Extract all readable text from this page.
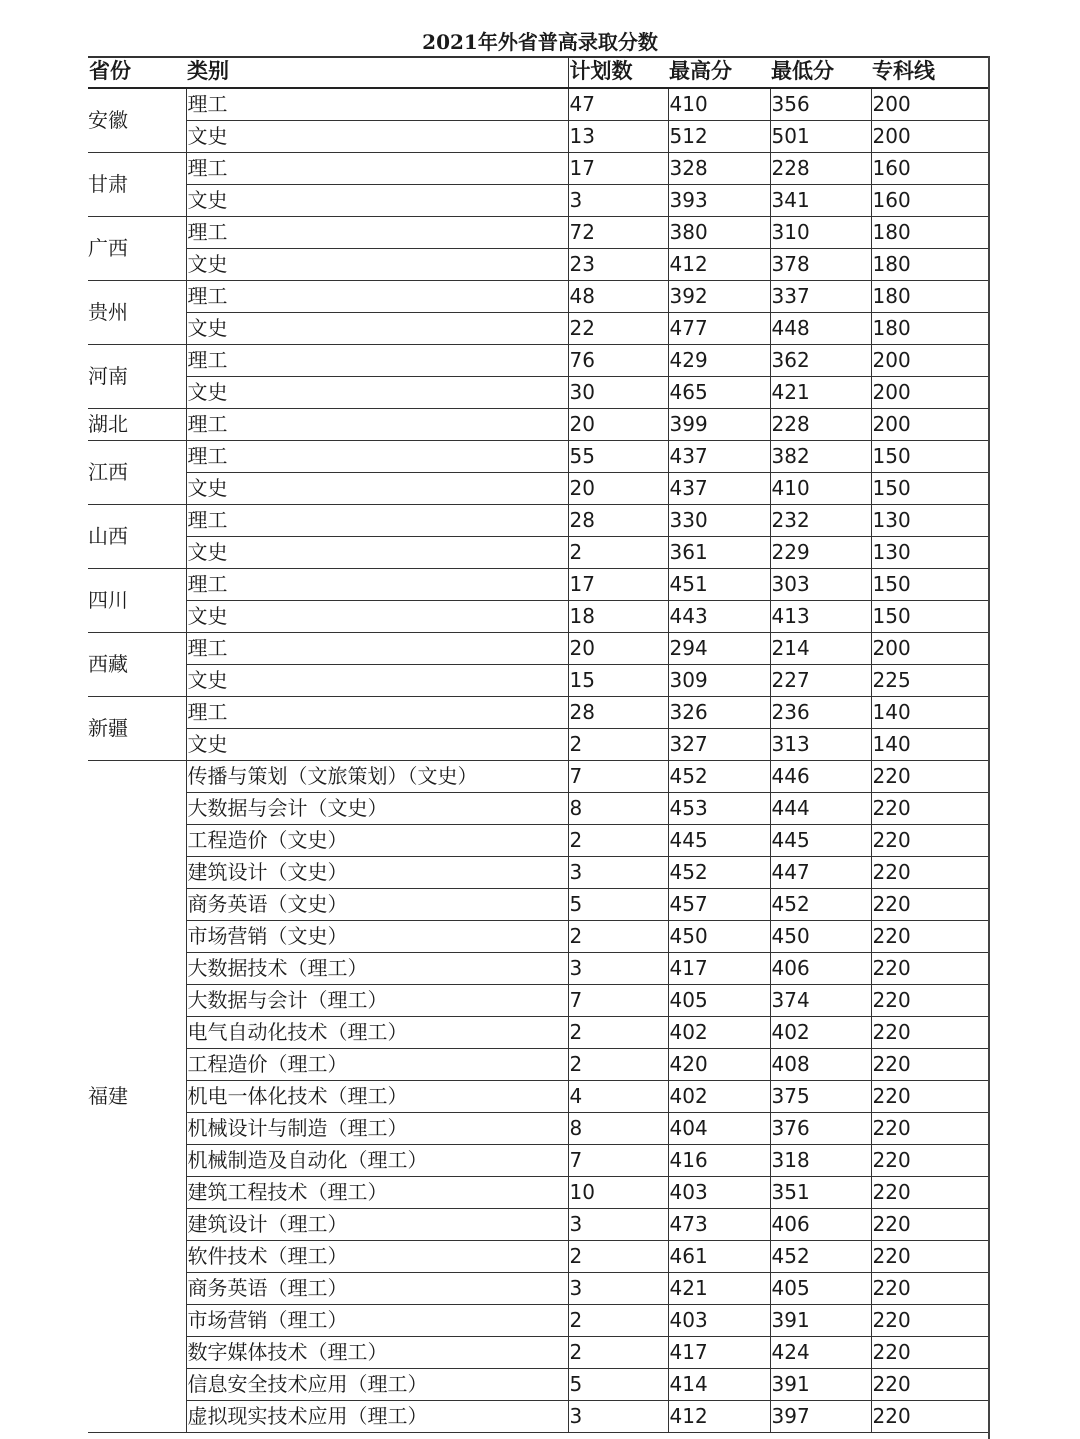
2021年外省普高录取分数
省份	类别	计划数	最高分	最低分	专科线
安徽	理工	47	410	356	200
	文史	13	512	501	200
甘肃	理工	17	328	228	160
	文史	3	393	341	160
广西	理工	72	380	310	180
	文史	23	412	378	180
贵州	理工	48	392	337	180
	文史	22	477	448	180
河南	理工	76	429	362	200
	文史	30	465	421	200
湖北	理工	20	399	228	200
江西	理工	55	437	382	150
	文史	20	437	410	150
山西	理工	28	330	232	130
	文史	2	361	229	130
四川	理工	17	451	303	150
	文史	18	443	413	150
西藏	理工	20	294	214	200
	文史	15	309	227	225
新疆	理工	28	326	236	140
	文史	2	327	313	140
福建	传播与策划（文旅策划）（文史）	7	452	446	220
	大数据与会计（文史）	8	453	444	220
	工程造价（文史）	2	445	445	220
	建筑设计（文史）	3	452	447	220
	商务英语（文史）	5	457	452	220
	市场营销（文史）	2	450	450	220
	大数据技术（理工）	3	417	406	220
	大数据与会计（理工）	7	405	374	220
	电气自动化技术（理工）	2	402	402	220
	工程造价（理工）	2	420	408	220
	机电一体化技术（理工）	4	402	375	220
	机械设计与制造（理工）	8	404	376	220
	机械制造及自动化（理工）	7	416	318	220
	建筑工程技术（理工）	10	403	351	220
	建筑设计（理工）	3	473	406	220
	软件技术（理工）	2	461	452	220
	商务英语（理工）	3	421	405	220
	市场营销（理工）	2	403	391	220
	数字媒体技术（理工）	2	417	424	220
	信息安全技术应用（理工）	5	414	391	220
	虚拟现实技术应用（理工）	3	412	397	220
